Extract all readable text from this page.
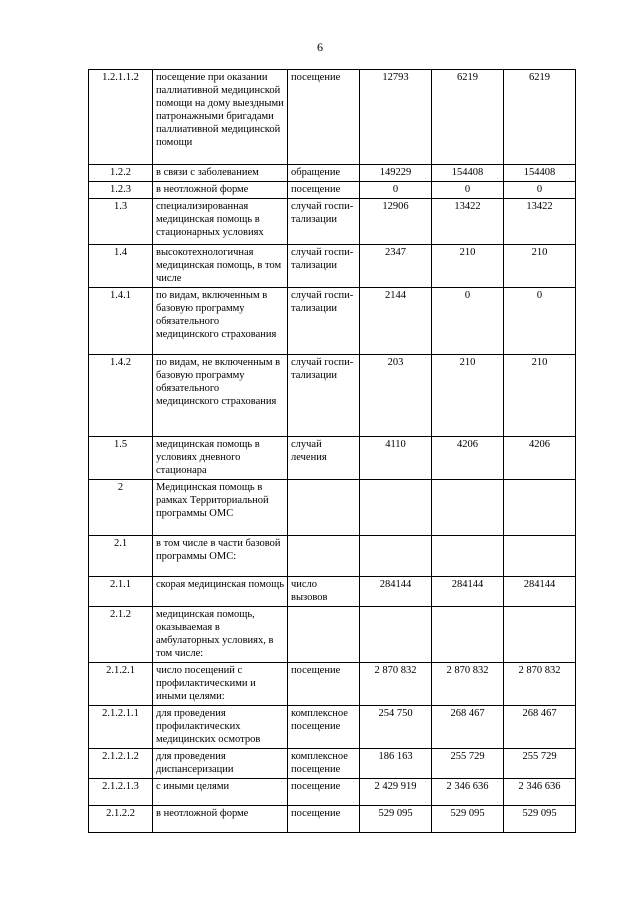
6
1.2.1.1.2	посещение при оказании паллиативной медицинской помощи на дому выездными патронажными бригадами паллиативной медицинской помощи	посещение	12793	6219	6219
1.2.2	в связи с заболеванием	обращение	149229	154408	154408
1.2.3	в неотложной форме	посещение	0	0	0
1.3	специализированная медицинская помощь в стационарных условиях	случай госпи-тализации	12906	13422	13422
1.4	высокотехнологичная медицинская помощь, в том числе	случай госпи-тализации	2347	210	210
1.4.1	по видам, включенным в базовую программу обязательного медицинского страхования	случай госпи-тализации	2144	0	0
1.4.2	по видам, не включенным в базовую программу обязательного медицинского страхования	случай госпи-тализации	203	210	210
1.5	медицинская помощь в условиях дневного стационара	случай лечения	4110	4206	4206
2	Медицинская помощь в рамках Территориальной программы ОМС				
2.1	в том числе в части базовой программы ОМС:				
2.1.1	скорая медицинская помощь	число вызовов	284144	284144	284144
2.1.2	медицинская помощь, оказываемая в амбулаторных условиях, в том числе:				
2.1.2.1	число посещений с профилактическими и иными целями:	посещение	2 870 832	2 870 832	2 870 832
2.1.2.1.1	для проведения профилактических медицинских осмотров	комплексное посещение	254 750	268 467	268 467
2.1.2.1.2	для проведения диспансеризации	комплексное посещение	186 163	255 729	255 729
2.1.2.1.3	с иными целями	посещение	2 429 919	2 346 636	2 346 636
2.1.2.2	в неотложной форме	посещение	529 095	529 095	529 095
